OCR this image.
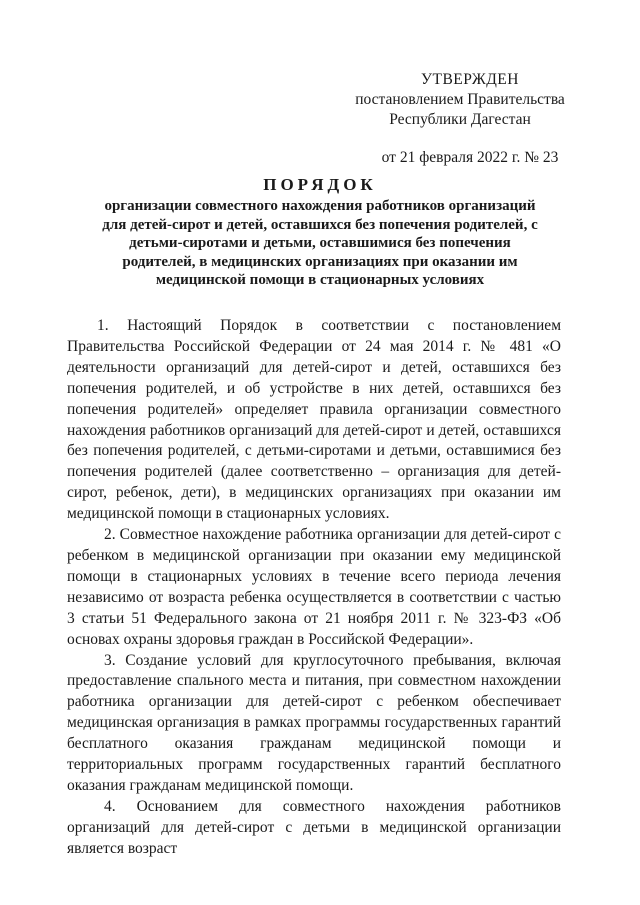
УТВЕРЖДЕН
постановлением Правительства
Республики Дагестан
от 21 февраля 2022 г. № 23
ПОРЯДОК
организации совместного нахождения работников организаций для детей-сирот и детей, оставшихся без попечения родителей, с детьми-сиротами и детьми, оставшимися без попечения родителей, в медицинских организациях при оказании им медицинской помощи в стационарных условиях

1. Настоящий Порядок в соответствии с постановлением Правительства Российской Федерации от 24 мая 2014 г. № 481 «О деятельности организаций для детей-сирот и детей, оставшихся без попечения родителей, и об устройстве в них детей, оставшихся без попечения родителей» определяет правила организации совместного нахождения работников организаций для детей-сирот и детей, оставшихся без попечения родителей, с детьми-сиротами и детьми, оставшимися без попечения родителей (далее соответственно – организация для детей-сирот, ребенок, дети), в медицинских организациях при оказании им медицинской помощи в стационарных условиях.

2. Совместное нахождение работника организации для детей-сирот с ребенком в медицинской организации при оказании ему медицинской помощи в стационарных условиях в течение всего периода лечения независимо от возраста ребенка осуществляется в соответствии с частью 3 статьи 51 Федерального закона от 21 ноября 2011 г. № 323-ФЗ «Об основах охраны здоровья граждан в Российской Федерации».

3. Создание условий для круглосуточного пребывания, включая предоставление спального места и питания, при совместном нахождении работника организации для детей-сирот с ребенком обеспечивает медицинская организация в рамках программы государственных гарантий бесплатного оказания гражданам медицинской помощи и территориальных программ государственных гарантий бесплатного оказания гражданам медицинской помощи.

4. Основанием для совместного нахождения работников организаций для детей-сирот с детьми в медицинской организации является возраст
